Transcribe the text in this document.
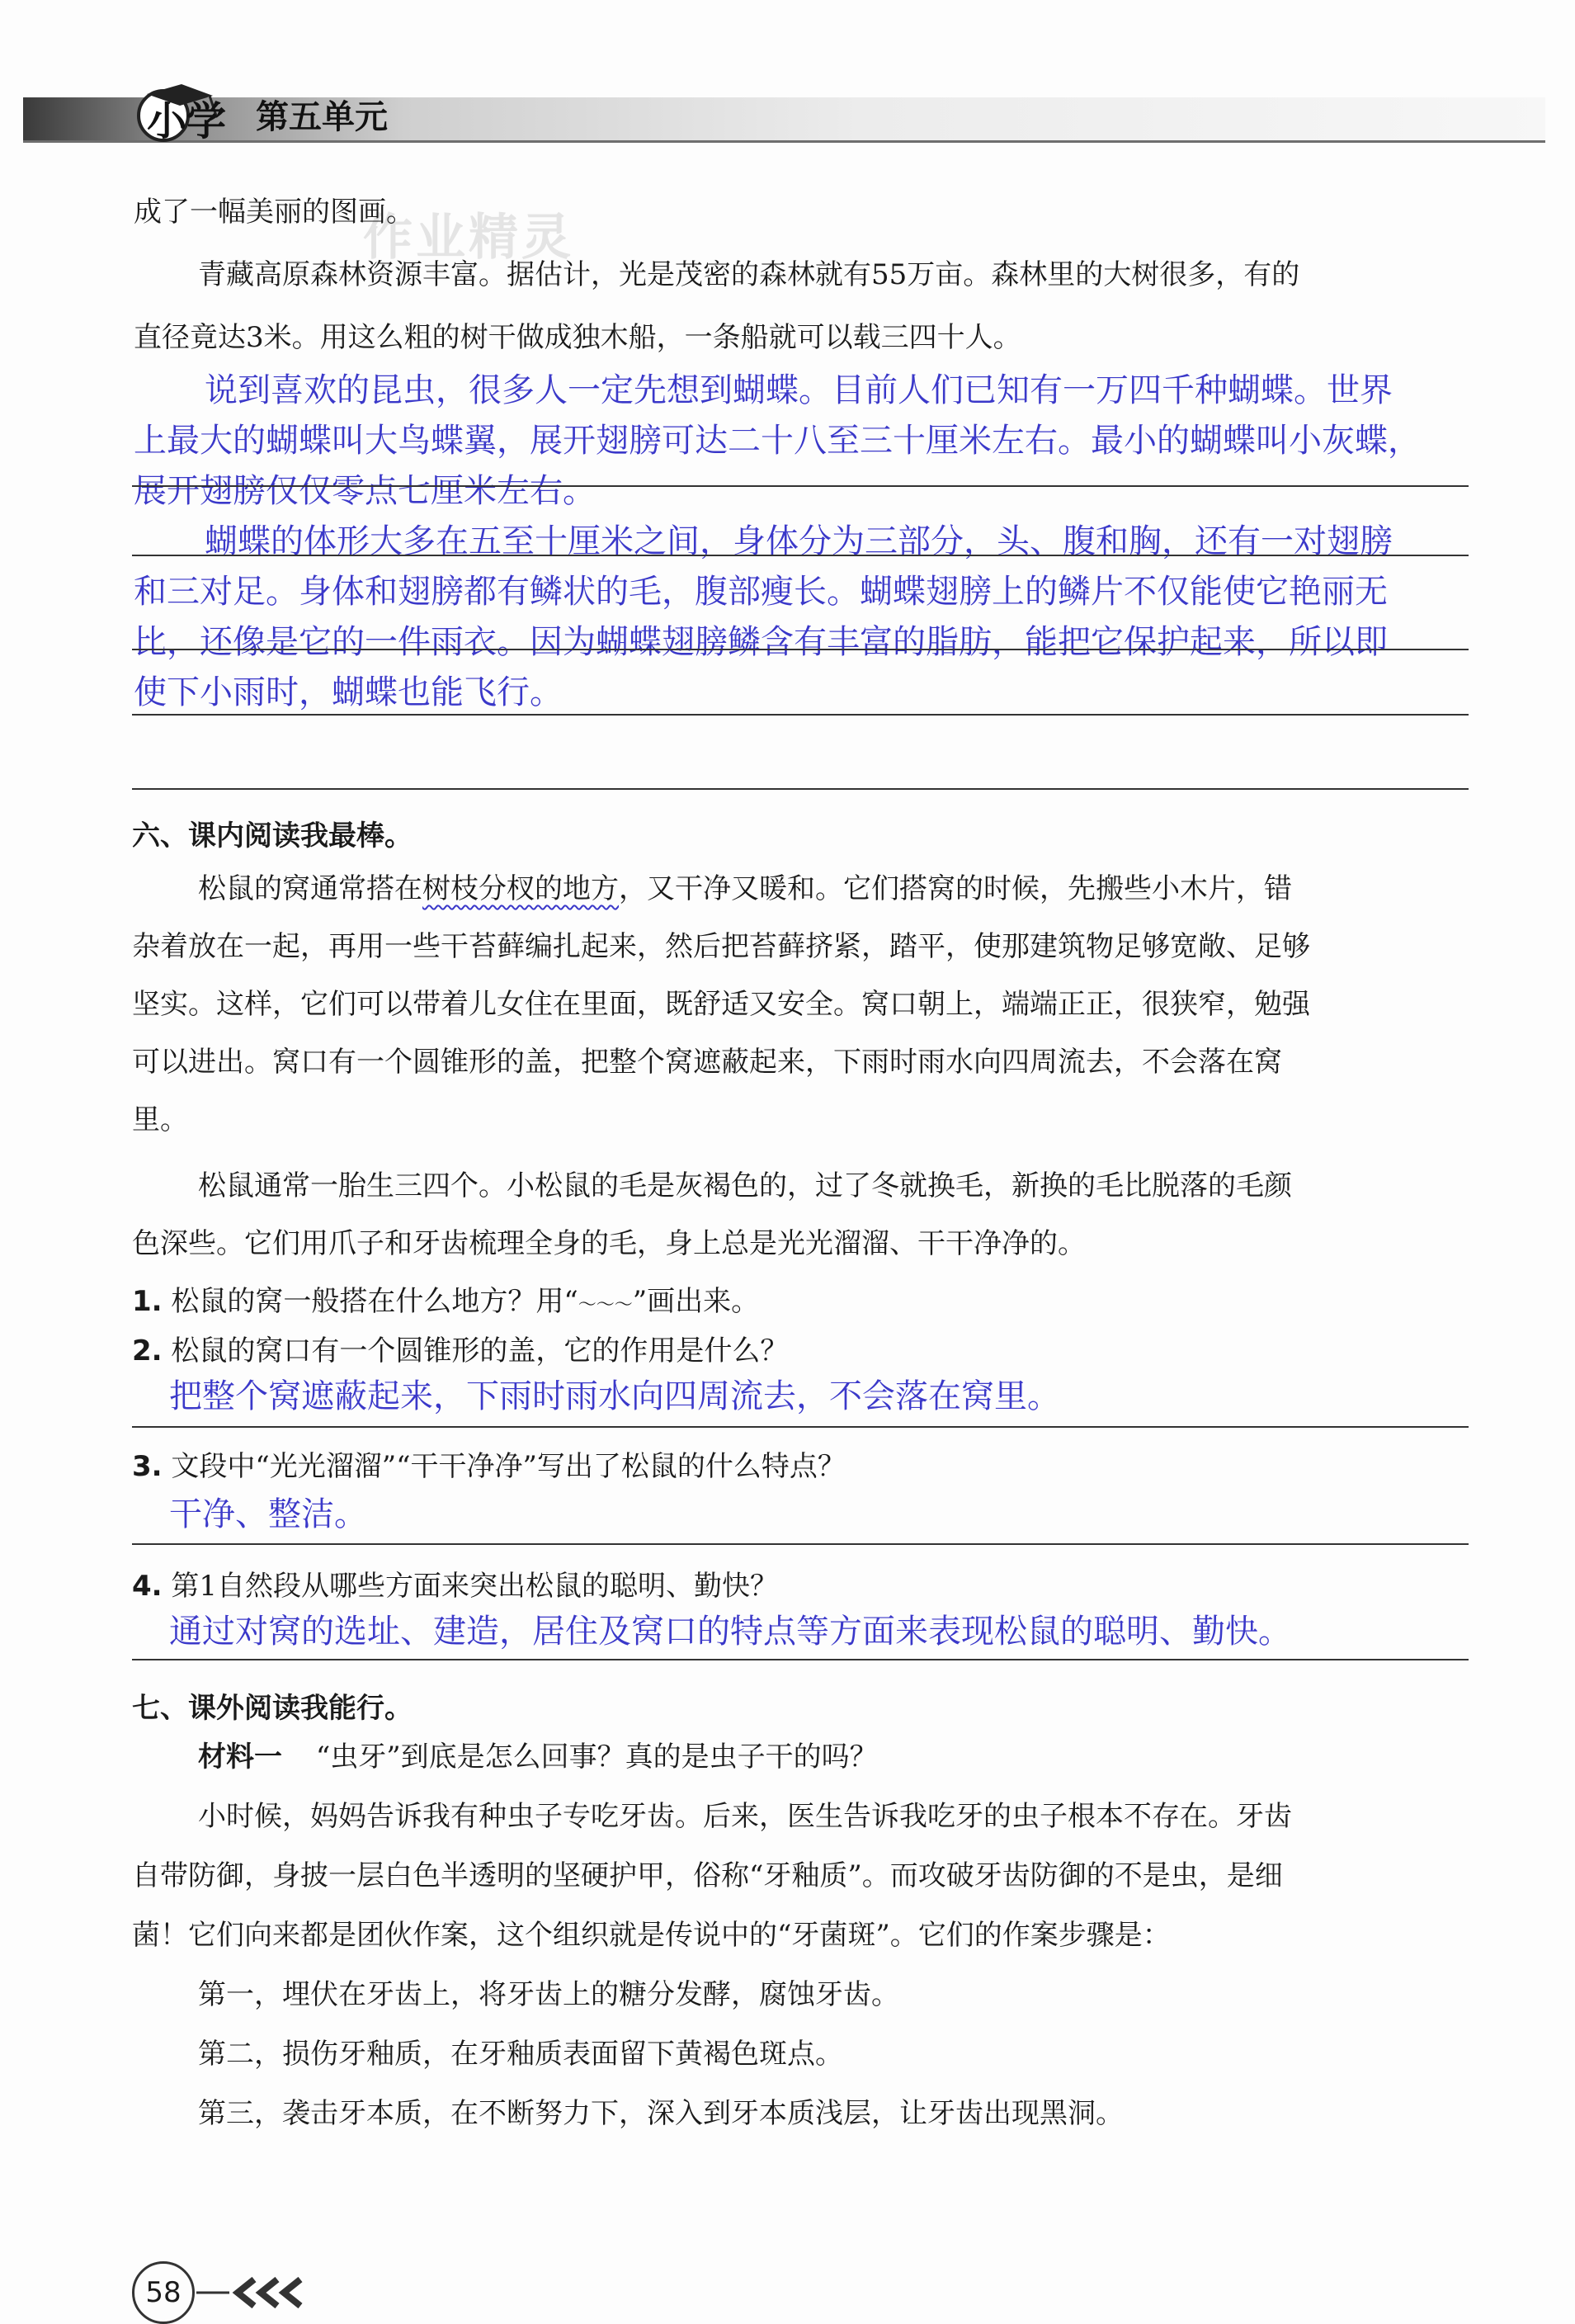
小学 第五单元
作业精灵
成了一幅美丽的图画。
青藏高原森林资源丰富。据估计，光是茂密的森林就有55万亩。森林里的大树很多，有的
直径竟达3米。用这么粗的树干做成独木船，一条船就可以载三四十人。
说到喜欢的昆虫，很多人一定先想到蝴蝶。目前人们已知有一万四千种蝴蝶。世界
上最大的蝴蝶叫大鸟蝶翼，展开翅膀可达二十八至三十厘米左右。最小的蝴蝶叫小灰蝶，
展开翅膀仅仅零点七厘米左右。
蝴蝶的体形大多在五至十厘米之间，身体分为三部分，头、腹和胸，还有一对翅膀
和三对足。身体和翅膀都有鳞状的毛，腹部瘦长。蝴蝶翅膀上的鳞片不仅能使它艳丽无
比，还像是它的一件雨衣。因为蝴蝶翅膀鳞含有丰富的脂肪，能把它保护起来，所以即
使下小雨时，蝴蝶也能飞行。
六、课内阅读我最棒。
松鼠的窝通常搭在树枝分杈的地方，又干净又暖和。它们搭窝的时候，先搬些小木片，错
杂着放在一起，再用一些干苔藓编扎起来，然后把苔藓挤紧，踏平，使那建筑物足够宽敞、足够
坚实。这样，它们可以带着儿女住在里面，既舒适又安全。窝口朝上，端端正正，很狭窄，勉强
可以进出。窝口有一个圆锥形的盖，把整个窝遮蔽起来，下雨时雨水向四周流去，不会落在窝
里。
松鼠通常一胎生三四个。小松鼠的毛是灰褐色的，过了冬就换毛，新换的毛比脱落的毛颜
色深些。它们用爪子和牙齿梳理全身的毛，身上总是光光溜溜、干干净净的。
1. 松鼠的窝一般搭在什么地方？用“～～～”画出来。
2. 松鼠的窝口有一个圆锥形的盖，它的作用是什么？
把整个窝遮蔽起来，下雨时雨水向四周流去，不会落在窝里。
3. 文段中“光光溜溜”“干干净净”写出了松鼠的什么特点？
干净、整洁。
4. 第1自然段从哪些方面来突出松鼠的聪明、勤快？
通过对窝的选址、建造，居住及窝口的特点等方面来表现松鼠的聪明、勤快。
七、课外阅读我能行。
材料一 “虫牙”到底是怎么回事？真的是虫子干的吗？
小时候，妈妈告诉我有种虫子专吃牙齿。后来，医生告诉我吃牙的虫子根本不存在。牙齿
自带防御，身披一层白色半透明的坚硬护甲，俗称“牙釉质”。而攻破牙齿防御的不是虫，是细
菌！它们向来都是团伙作案，这个组织就是传说中的“牙菌斑”。它们的作案步骤是：
第一，埋伏在牙齿上，将牙齿上的糖分发酵，腐蚀牙齿。
第二，损伤牙釉质，在牙釉质表面留下黄褐色斑点。
第三，袭击牙本质，在不断努力下，深入到牙本质浅层，让牙齿出现黑洞。
58
